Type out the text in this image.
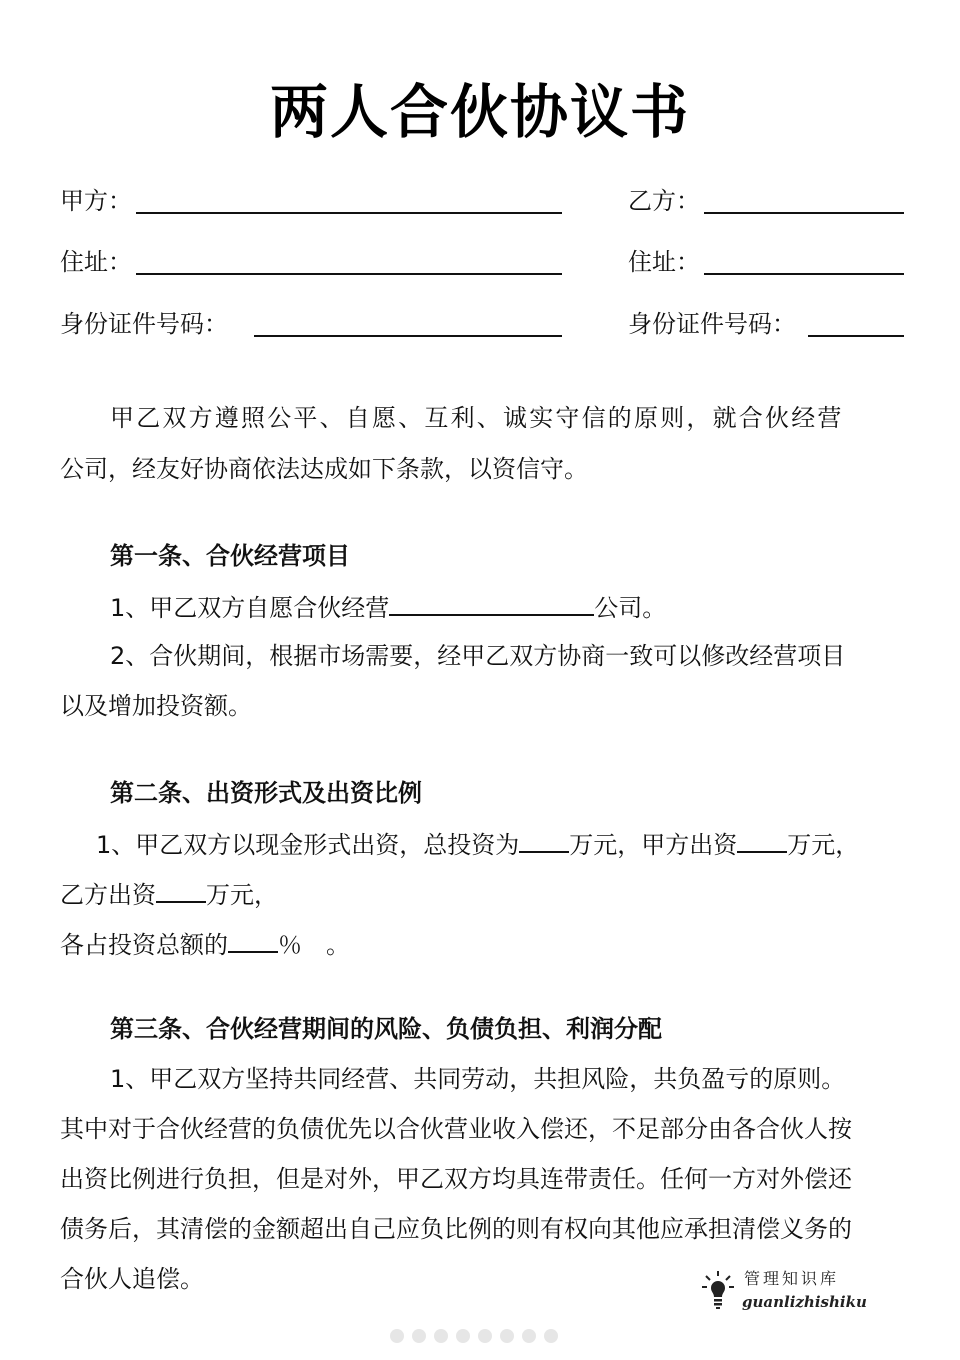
两人合伙协议书
甲方：
住址：
身份证件号码：
乙方：
住址：
身份证件号码：
甲乙双方遵照公平、自愿、互利、诚实守信的原则，就合伙经营
公司，经友好协商依法达成如下条款，以资信守。
第一条、合伙经营项目
1、甲乙双方自愿合伙经营	公司。
2、合伙期间，根据市场需要，经甲乙双方协商一致可以修改经营项目
以及增加投资额。
第二条、出资形式及出资比例
1、甲乙双方以现金形式出资，总投资为 万元，甲方出资 万元，
乙方出资 万元，
各占投资总额的 ％　。
第三条、合伙经营期间的风险、负债负担、利润分配
1、甲乙双方坚持共同经营、共同劳动，共担风险，共负盈亏的原则。
其中对于合伙经营的负债优先以合伙营业收入偿还，不足部分由各合伙人按
出资比例进行负担，但是对外，甲乙双方均具连带责任。任何一方对外偿还
债务后，其清偿的金额超出自己应负比例的则有权向其他应承担清偿义务的
合伙人追偿。	管理知识库
guanlizhishiku
